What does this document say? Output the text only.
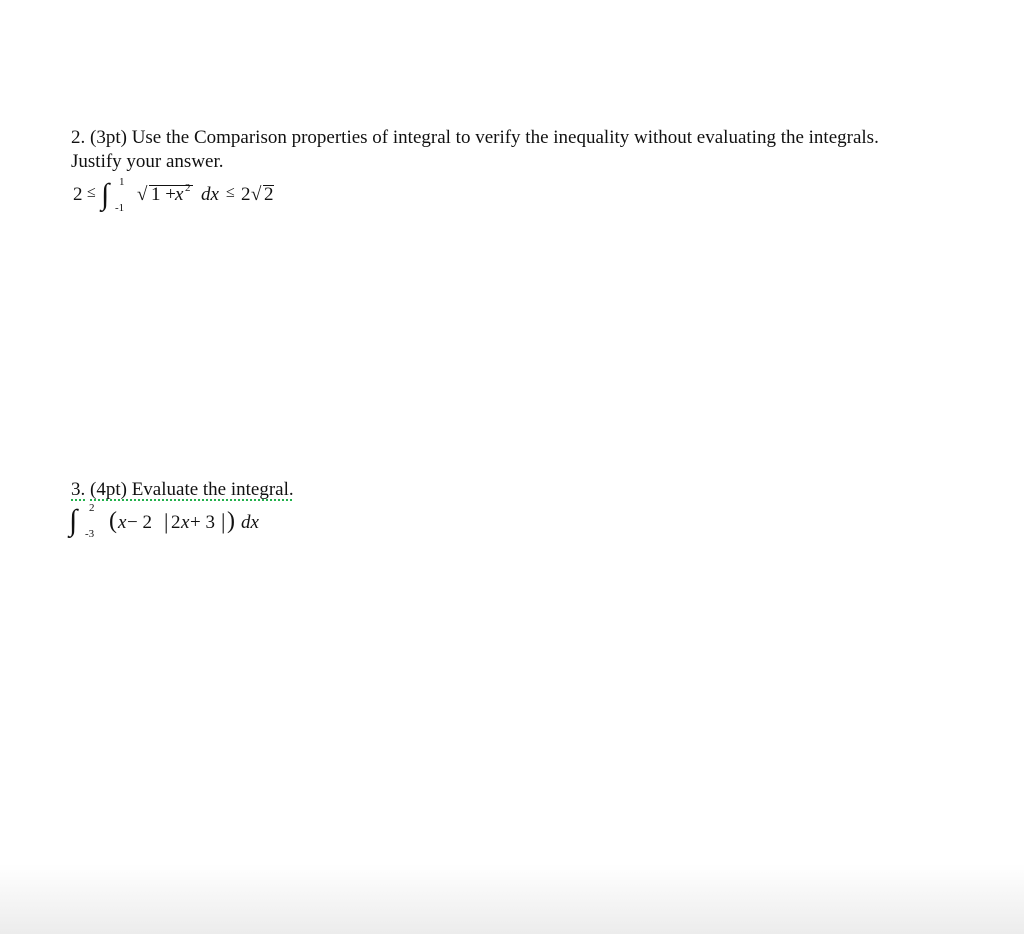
2. (3pt) Use the Comparison properties of integral to verify the inequality without evaluating the integrals.

Justify your answer.

2 ≤ ∫ 1
-1
√ 1 + x 2 dx ≤ 2 √ 2

3. (4pt) Evaluate the integral.

∫ 2
-3 ( x − 2 | 2 x + 3 | ) dx
